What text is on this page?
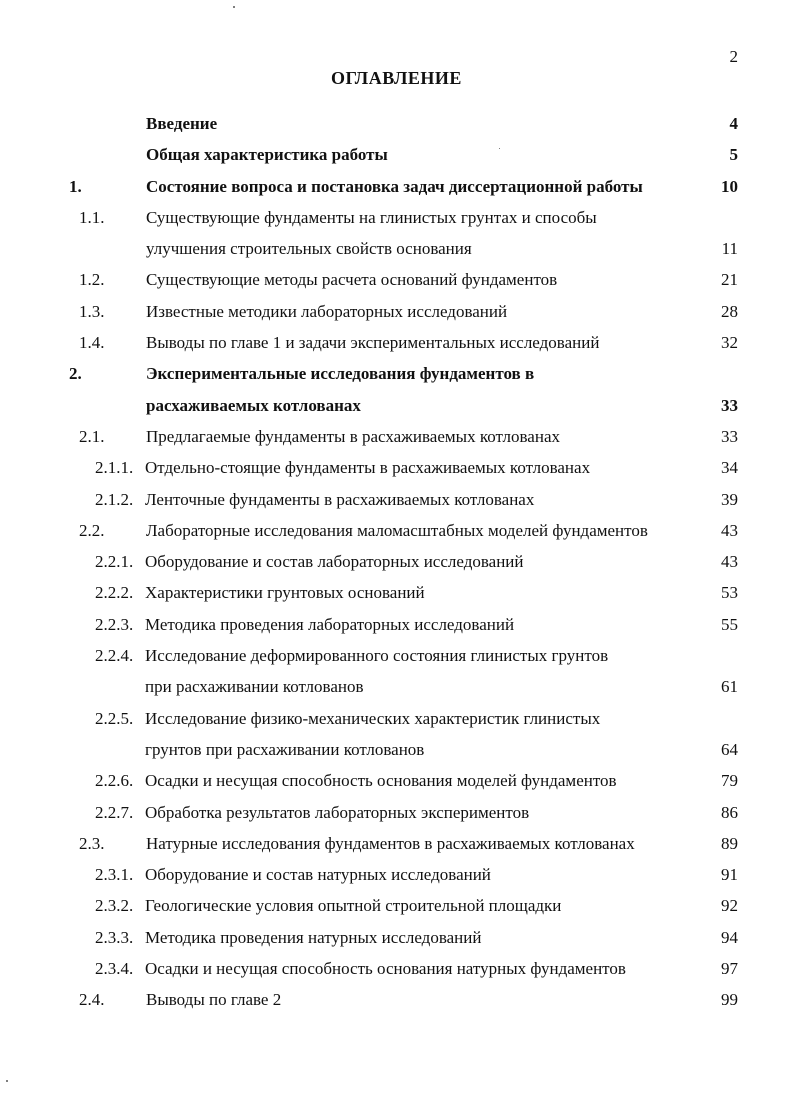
2
ОГЛАВЛЕНИЕ
Введение	4
Общая характеристика работы	5
1.	Состояние вопроса и постановка задач диссертационной работы	10
1.1. Существующие фундаменты на глинистых грунтах и способы
улучшения строительных свойств основания	11
1.2. Существующие методы расчета оснований фундаментов	21
1.3. Известные методики лабораторных исследований	28
1.4. Выводы по главе 1 и задачи экспериментальных исследований	32
2.	Экспериментальные исследования фундаментов в
расхаживаемых котлованах	33
2.1. Предлагаемые фундаменты в расхаживаемых котлованах	33
2.1.1. Отдельно-стоящие фундаменты в расхаживаемых котлованах	34
2.1.2. Ленточные фундаменты в расхаживаемых котлованах	39
2.2. Лабораторные исследования маломасштабных моделей фундаментов	43
2.2.1. Оборудование и состав лабораторных исследований	43
2.2.2. Характеристики грунтовых оснований	53
2.2.3. Методика проведения лабораторных исследований	55
2.2.4. Исследование деформированного состояния глинистых грунтов
при расхаживании котлованов	61
2.2.5. Исследование физико-механических характеристик глинистых
грунтов при расхаживании котлованов	64
2.2.6. Осадки и несущая способность основания моделей фундаментов	79
2.2.7. Обработка результатов лабораторных экспериментов	86
2.3. Натурные исследования фундаментов в расхаживаемых котлованах	89
2.3.1. Оборудование и состав натурных исследований	91
2.3.2. Геологические условия опытной строительной площадки	92
2.3.3. Методика проведения натурных исследований	94
2.3.4. Осадки и несущая способность основания натурных фундаментов	97
2.4. Выводы по главе 2	99
